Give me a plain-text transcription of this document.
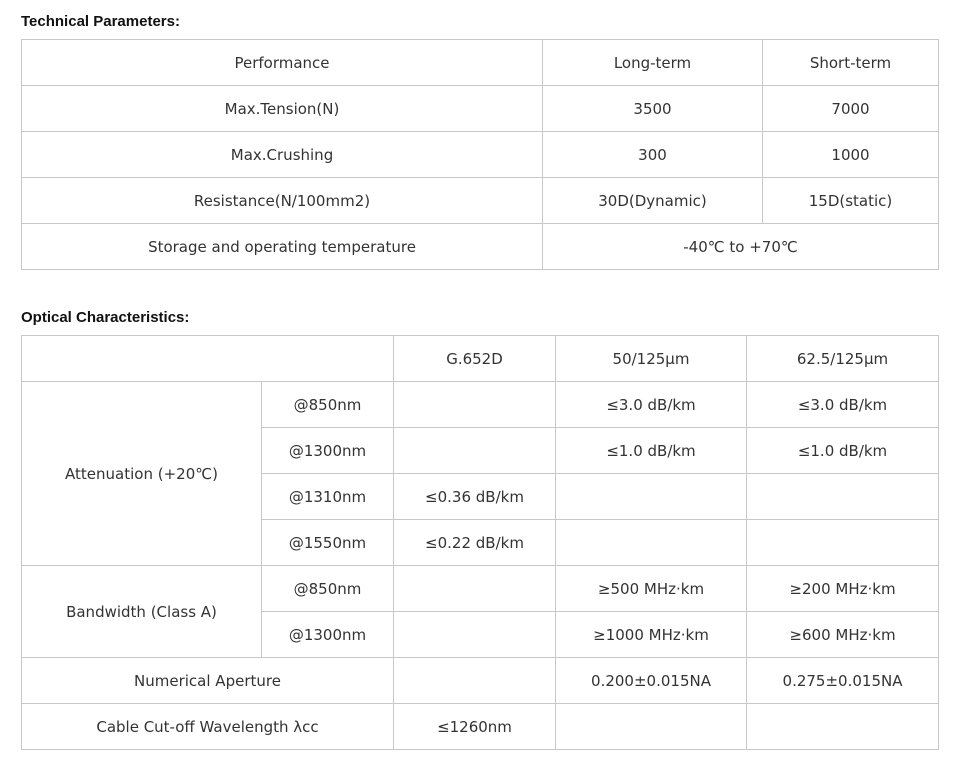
Technical Parameters:
Performance	Long-term	Short-term
Max.Tension(N)	3500	7000
Max.Crushing	300	1000
Resistance(N/100mm2)	30D(Dynamic)	15D(static)
Storage and operating temperature	-40℃ to +70℃	
Optical Characteristics:
		G.652D	50/125μm	62.5/125μm
Attenuation (+20℃)	@850nm		≤3.0 dB/km	≤3.0 dB/km
	@1300nm		≤1.0 dB/km	≤1.0 dB/km
	@1310nm	≤0.36 dB/km		
	@1550nm	≤0.22 dB/km		
Bandwidth (Class A)	@850nm		≥500 MHz·km	≥200 MHz·km
	@1300nm		≥1000 MHz·km	≥600 MHz·km
Numerical Aperture			0.200±0.015NA	0.275±0.015NA
Cable Cut-off Wavelength λcc		≤1260nm		
